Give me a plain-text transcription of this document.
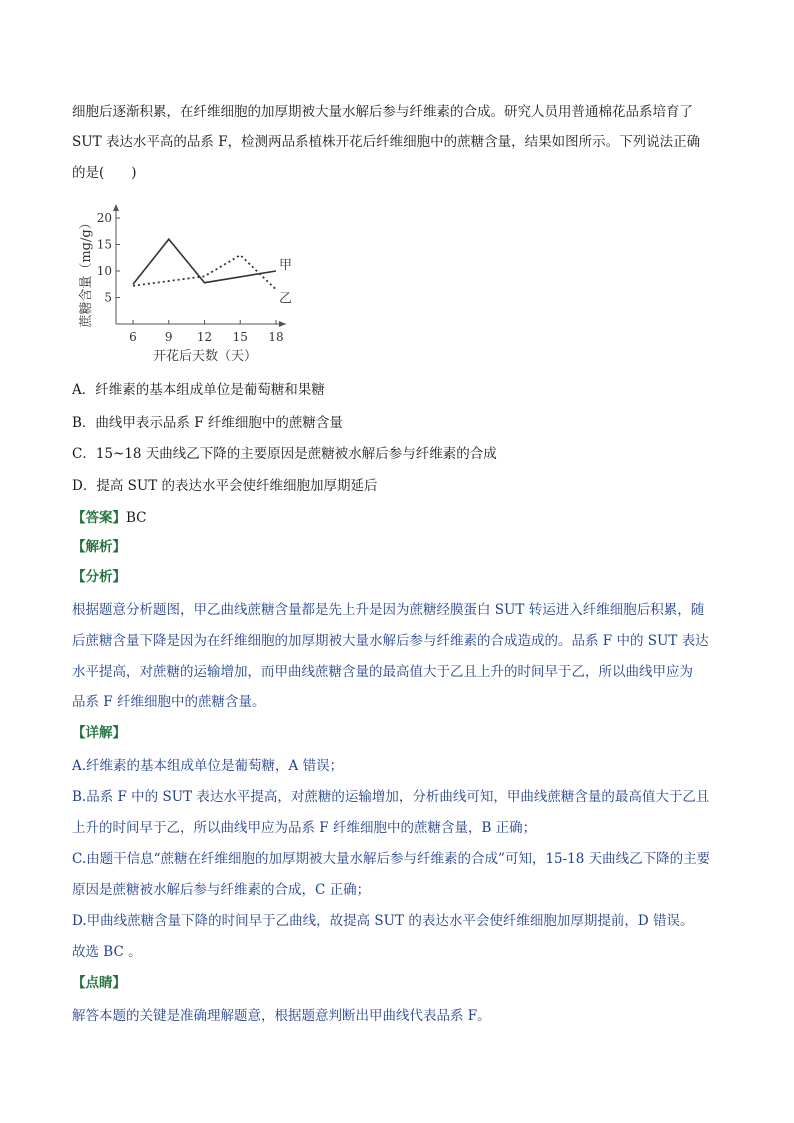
细胞后逐渐积累，在纤维细胞的加厚期被大量水解后参与纤维素的合成。研究人员用普通棉花品系培育了
SUT 表达水平高的品系 F，检测两品系植株开花后纤维细胞中的蔗糖含量，结果如图所示。下列说法正确
的是(　　)
5
10
15
20
6 9 12 15 18
开花后天数（天）
蔗糖含量（mg/g）	甲
乙
A．纤维素的基本组成单位是葡萄糖和果糖
B．曲线甲表示品系 F 纤维细胞中的蔗糖含量
C．15~18 天曲线乙下降的主要原因是蔗糖被水解后参与纤维素的合成
D．提高 SUT 的表达水平会使纤维细胞加厚期延后
【答案】BC
【解析】
【分析】
根据题意分析题图，甲乙曲线蔗糖含量都是先上升是因为蔗糖经膜蛋白 SUT 转运进入纤维细胞后积累，随
后蔗糖含量下降是因为在纤维细胞的加厚期被大量水解后参与纤维素的合成造成的。品系 F 中的 SUT 表达
水平提高，对蔗糖的运输增加，而甲曲线蔗糖含量的最高值大于乙且上升的时间早于乙，所以曲线甲应为
品系 F 纤维细胞中的蔗糖含量。
【详解】
A.纤维素的基本组成单位是葡萄糖，A 错误；
B.品系 F 中的 SUT 表达水平提高，对蔗糖的运输增加，分析曲线可知，甲曲线蔗糖含量的最高值大于乙且
上升的时间早于乙，所以曲线甲应为品系 F 纤维细胞中的蔗糖含量，B 正确；
C.由题干信息“蔗糖在纤维细胞的加厚期被大量水解后参与纤维素的合成”可知，15-18 天曲线乙下降的主要
原因是蔗糖被水解后参与纤维素的合成，C 正确；
D.甲曲线蔗糖含量下降的时间早于乙曲线，故提高 SUT 的表达水平会使纤维细胞加厚期提前，D 错误。
故选 BC 。
【点睛】
解答本题的关键是准确理解题意，根据题意判断出甲曲线代表品系 F。
